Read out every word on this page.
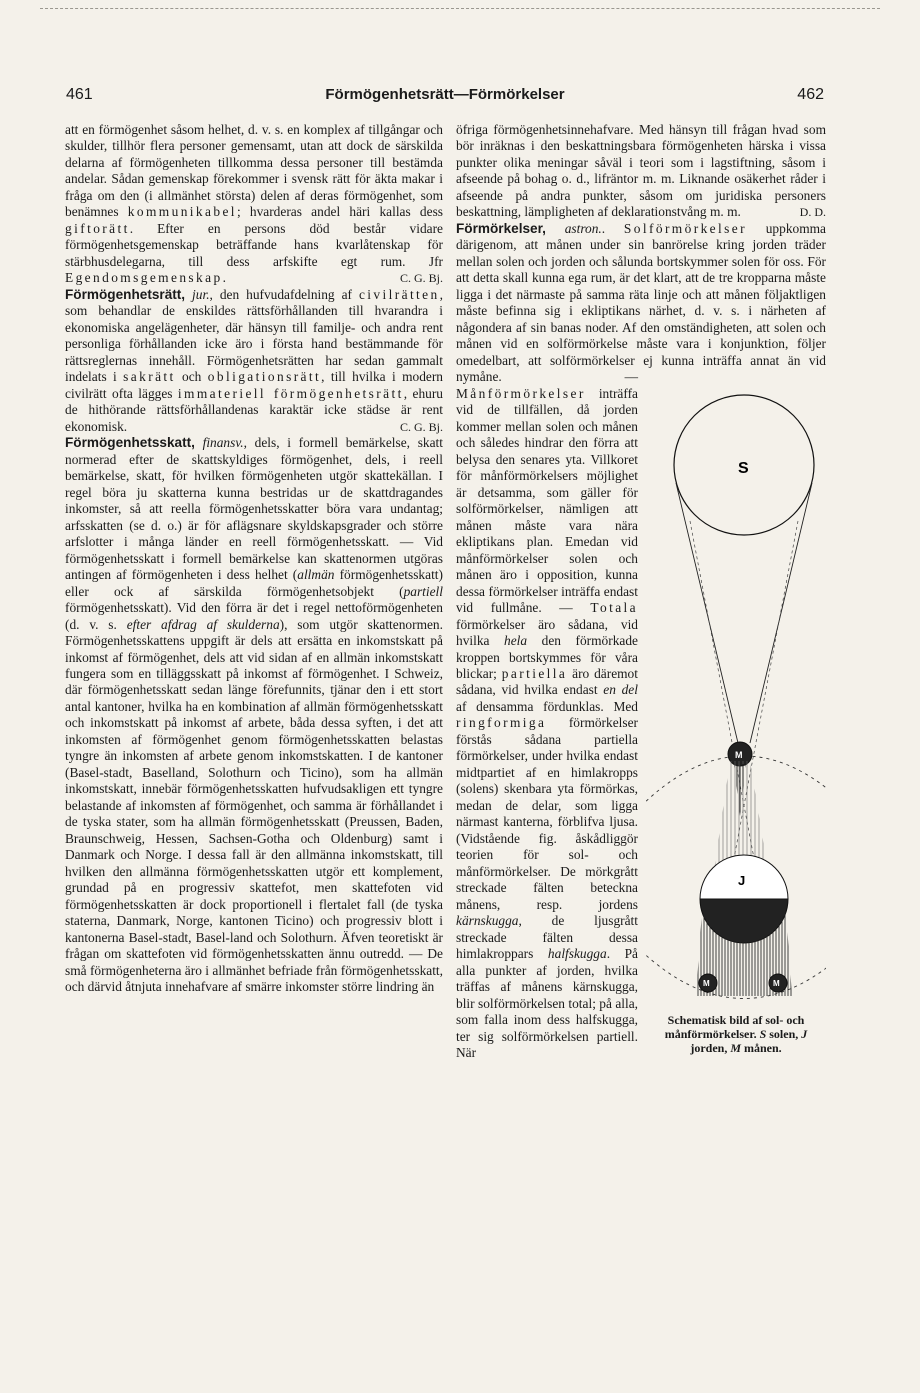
461	Förmögenhetsrätt—Förmörkelser	462

att en förmögenhet såsom helhet, d. v. s. en komplex af tillgångar och skulder, tillhör flera personer gemensamt, utan att dock de särskilda delarna af förmögenheten tillkomma dessa personer till bestämda andelar. Sådan gemenskap förekommer i svensk rätt för äkta makar i fråga om den (i allmänhet största) delen af deras förmögenhet, som benämnes kommunikabel; hvarderas andel häri kallas dess giftorätt. Efter en persons död består vidare förmögenhetsgemenskap beträffande hans kvarlåtenskap för stärbhusdelegarna, till dess arfskifte egt rum. Jfr Egendomsgemenskap.	C. G. Bj.

Förmögenhetsrätt, jur., den hufvudafdelning af civilrätten, som behandlar de enskildes rättsförhållanden till hvarandra i ekonomiska angelägenheter, där hänsyn till familje- och andra rent personliga förhållanden icke äro i första hand bestämmande för rättsreglernas innehåll. Förmögenhetsrätten har sedan gammalt indelats i sakrätt och obligationsrätt, till hvilka i modern civilrätt ofta lägges immateriell förmögenhetsrätt, ehuru de hithörande rättsförhållandenas karaktär icke städse är rent ekonomisk.	C. G. Bj.

Förmögenhetsskatt, finansv., dels, i formell bemärkelse, skatt normerad efter de skattskyldiges förmögenhet, dels, i reell bemärkelse, skatt, för hvilken förmögenheten utgör skattekällan. I regel böra ju skatterna kunna bestridas ur de skattdragandes inkomster, så att reella förmögenhetsskatter böra vara undantag; arfsskatten (se d. o.) är för aflägsnare skyldskapsgrader och större arfslotter i många länder en reell förmögenhetsskatt. — Vid förmögenhetsskatt i formell bemärkelse kan skattenormen utgöras antingen af förmögenheten i dess helhet (allmän förmögenhetsskatt) eller ock af särskilda förmögenhetsobjekt (partiell förmögenhetsskatt). Vid den förra är det i regel nettoförmögenheten (d. v. s. efter afdrag af skulderna), som utgör skattenormen. Förmögenhetsskattens uppgift är dels att ersätta en inkomstskatt på inkomst af förmögenhet, dels att vid sidan af en allmän inkomstskatt fungera som en tilläggsskatt på inkomst af förmögenhet. I Schweiz, där förmögenhetsskatt sedan länge förefunnits, tjänar den i ett stort antal kantoner, hvilka ha en kombination af allmän förmögenhetsskatt och inkomstskatt på inkomst af arbete, båda dessa syften, i det att inkomsten af förmögenhet genom förmögenhetsskatten belastas tyngre än inkomsten af arbete genom inkomstskatten. I de kantoner (Basel-stadt, Baselland, Solothurn och Ticino), som ha allmän inkomstskatt, innebär förmögenhetsskatten hufvudsakligen ett tyngre belastande af inkomsten af förmögenhet, och samma är förhållandet i de tyska stater, som ha allmän förmögenhetsskatt (Preussen, Baden, Braunschweig, Hessen, Sachsen-Gotha och Oldenburg) samt i Danmark och Norge. I dessa fall är den allmänna inkomstskatt, till hvilken den allmänna förmögenhetsskatten utgör ett komplement, grundad på en progressiv skattefot, men skattefoten vid förmögenhetsskatten är dock proportionell i flertalet fall (de tyska staterna, Danmark, Norge, kantonen Ticino) och progressiv blott i kantonerna Basel-stadt, Basel-land och Solothurn. Äfven teoretiskt är frågan om skattefoten vid förmögenhetsskatten ännu outredd. — De små förmögenheterna äro i allmänhet befriade från förmögenhetsskatt, och därvid åtnjuta innehafvare af smärre inkomster större lindring än

öfriga förmögenhetsinnehafvare. Med hänsyn till frågan hvad som bör inräknas i den beskattningsbara förmögenheten härska i vissa punkter olika meningar såväl i teori som i lagstiftning, såsom i afseende på bohag o. d., lifräntor m. m. Liknande osäkerhet råder i afseende på andra punkter, såsom om juridiska personers beskattning, lämpligheten af deklarationstvång m. m.	D. D.

Förmörkelser, astron.. Solförmörkelser uppkomma därigenom, att månen under sin banrörelse kring jorden träder mellan solen och jorden och sålunda bortskymmer solen för oss. För att detta skall kunna ega rum, är det klart, att de tre kropparna måste ligga i det närmaste på samma räta linje och att månen följaktligen måste befinna sig i ekliptikans närhet, d. v. s. i närheten af någondera af sin banas noder. Af den omständigheten, att solen och månen vid en solförmörkelse måste vara i konjunktion, följer omedelbart, att solförmörkelser ej kunna inträffa annat än vid nymåne. —
S
M
J
M	M
Schematisk bild af sol- och månförmörkelser. S solen, J jorden, M månen.
Månförmörkelser inträffa vid de tillfällen, då jorden kommer mellan solen och månen och således hindrar den förra att belysa den senares yta. Villkoret för månförmörkelsers möjlighet är detsamma, som gäller för solförmörkelser, nämligen att månen måste vara nära ekliptikans plan. Emedan vid månförmörkelser solen och månen äro i opposition, kunna dessa förmörkelser inträffa endast vid fullmåne. — Totala förmörkelser äro sådana, vid hvilka hela den förmörkade kroppen bortskymmes för våra blickar; partiella äro däremot sådana, vid hvilka endast en del af densamma fördunklas. Med ringformiga förmörkelser förstås sådana partiella förmörkelser, under hvilka endast midtpartiet af en himlakropps (solens) skenbara yta förmörkas, medan de delar, som ligga närmast kanterna, förblifva ljusa. (Vidstående fig. åskådliggör teorien för sol- och månförmörkelser. De mörkgrått streckade fälten beteckna månens, resp. jordens kärnskugga, de ljusgrått streckade fälten dessa himlakroppars halfskugga. På alla punkter af jorden, hvilka träffas af månens kärnskugga, blir solförmörkelsen total; på alla, som falla inom dess halfskugga, ter sig solförmörkelsen partiell. När
